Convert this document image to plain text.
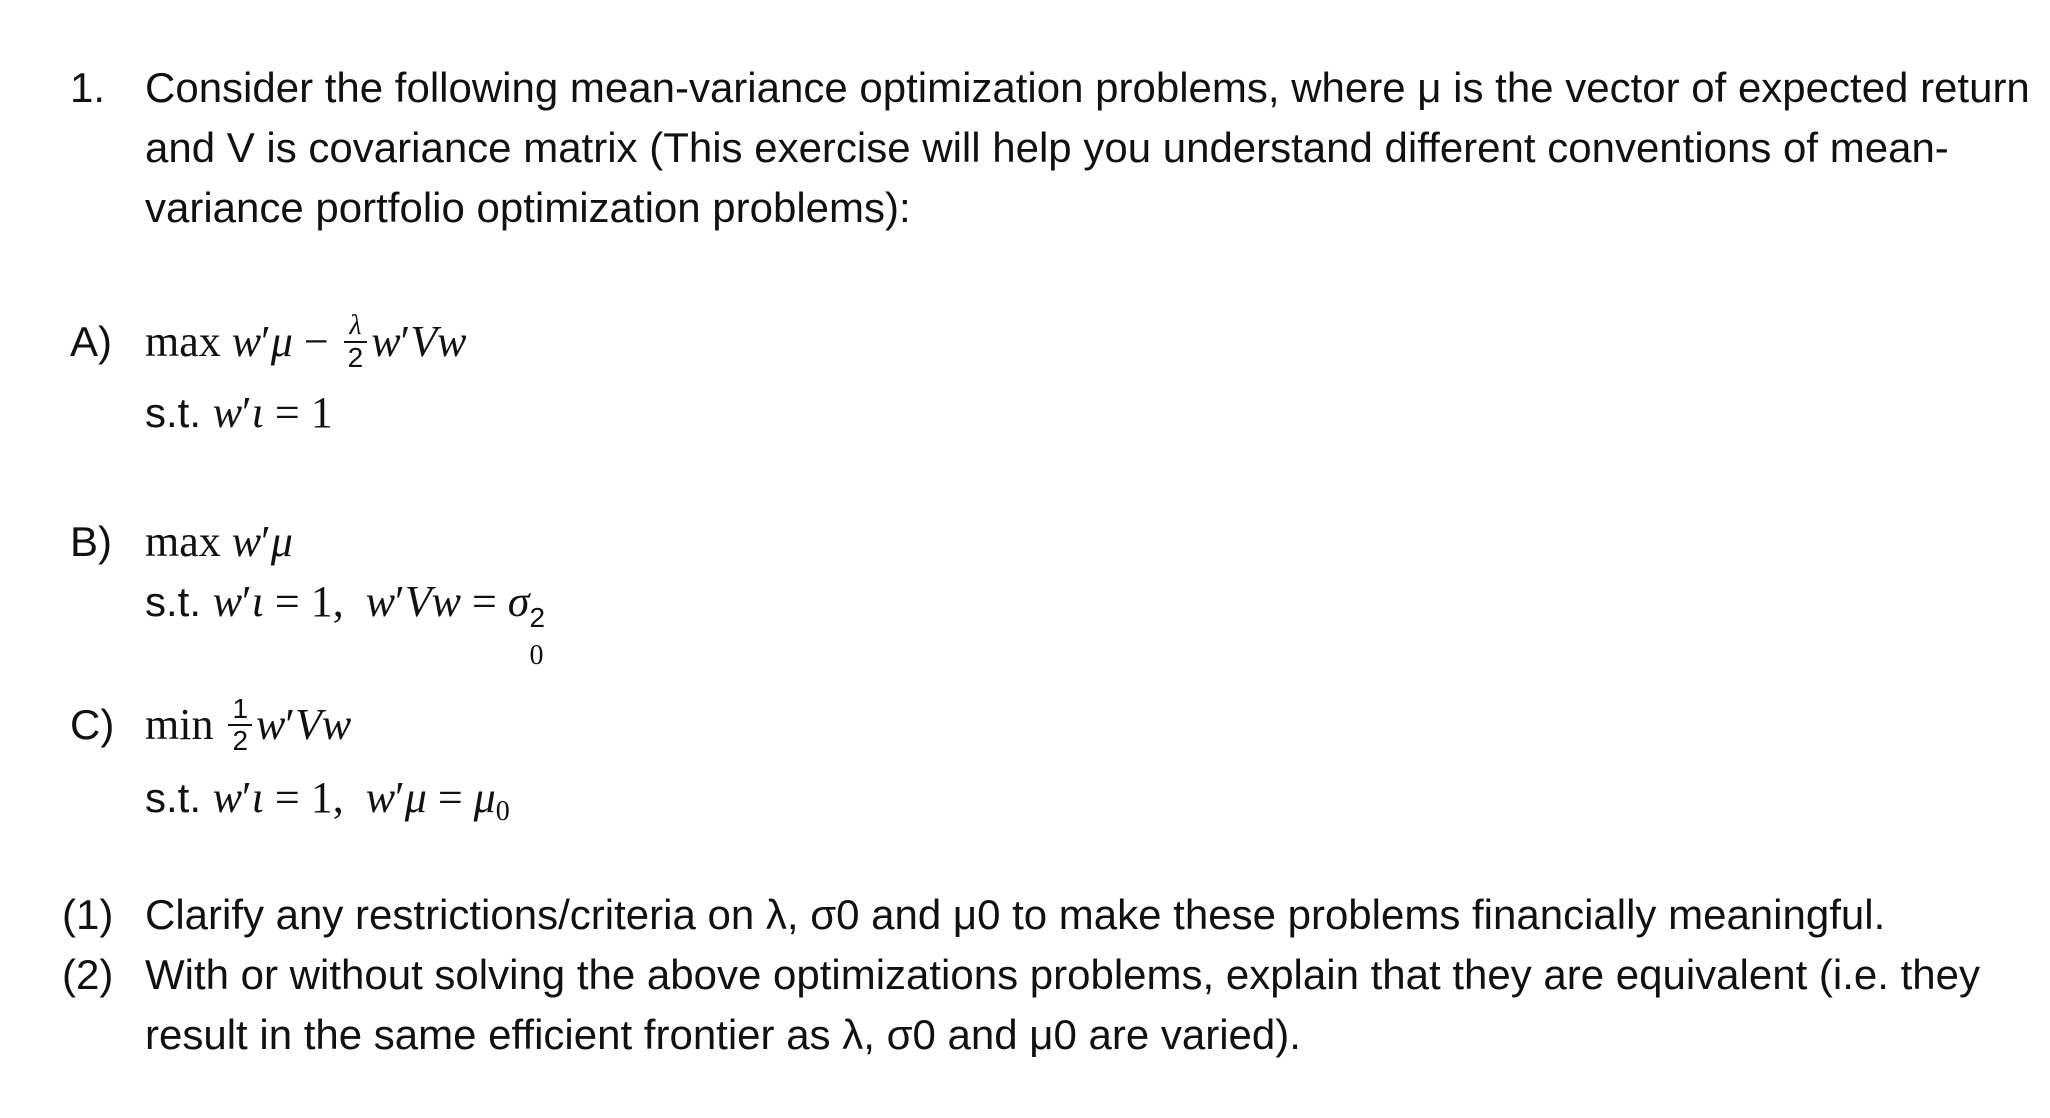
1. Consider the following mean-variance optimization problems, where μ is the vector of expected return
and V is covariance matrix (This exercise will help you understand different conventions of mean-
variance portfolio optimization problems):
A) $\max w'\mu - \frac{\lambda}{2} w'Vw$
s.t. w′ι = 1
B) max w′μ
s.t. w′ι = 1, w′Vw = σ 2
0
C) $\min \frac{1}{2} w'Vw$
s.t. w′ι = 1, $w'\mu = \mu_0$
(1) Clarify any restrictions/criteria on λ, σ0 and μ0 to make these problems financially meaningful.
(2) With or without solving the above optimizations problems, explain that they are equivalent (i.e. they
result in the same efficient frontier as λ, σ0 and μ0 are varied).
